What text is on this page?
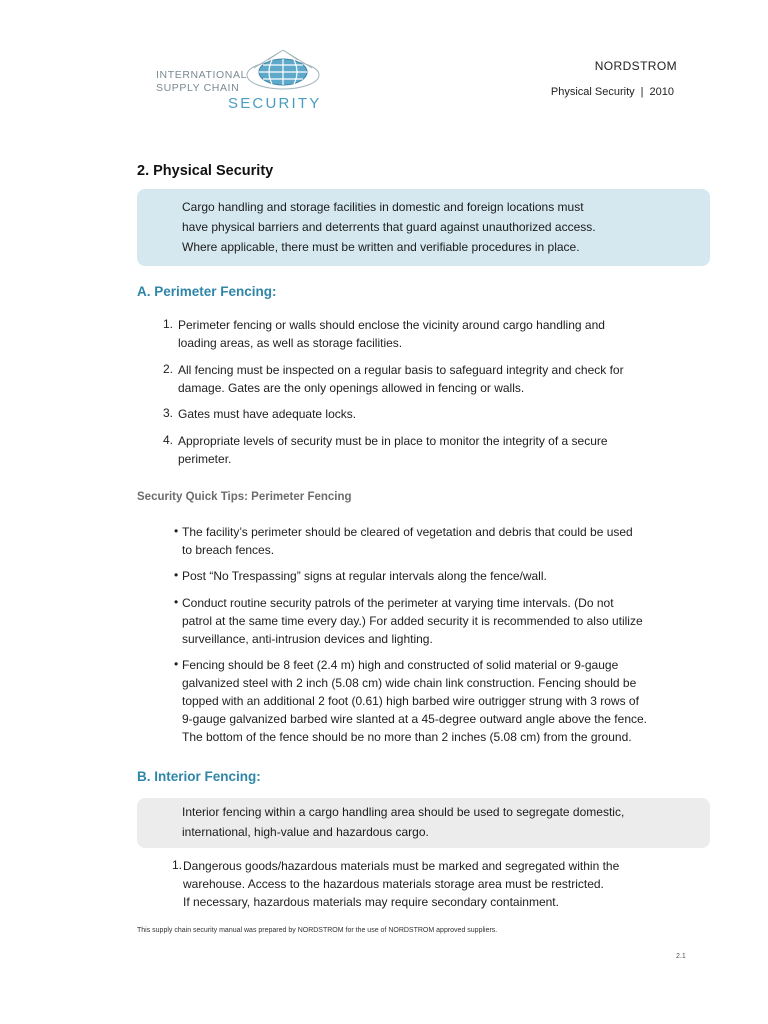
INTERNATIONAL
SUPPLY CHAIN
SECURITY
NORDSTROM
Physical Security | 2010
2. Physical Security
Cargo handling and storage facilities in domestic and foreign locations must
have physical barriers and deterrents that guard against unauthorized access.
Where applicable, there must be written and verifiable procedures in place.
A. Perimeter Fencing:
1. Perimeter fencing or walls should enclose the vicinity around cargo handling and
loading areas, as well as storage facilities.
2. All fencing must be inspected on a regular basis to safeguard integrity and check for
damage. Gates are the only openings allowed in fencing or walls.
3. Gates must have adequate locks.
4. Appropriate levels of security must be in place to monitor the integrity of a secure
perimeter.
Security Quick Tips: Perimeter Fencing
• The facility’s perimeter should be cleared of vegetation and debris that could be used
to breach fences.
• Post “No Trespassing” signs at regular intervals along the fence/wall.
• Conduct routine security patrols of the perimeter at varying time intervals. (Do not
patrol at the same time every day.) For added security it is recommended to also utilize
surveillance, anti-intrusion devices and lighting.
• Fencing should be 8 feet (2.4 m) high and constructed of solid material or 9-gauge
galvanized steel with 2 inch (5.08 cm) wide chain link construction. Fencing should be
topped with an additional 2 foot (0.61) high barbed wire outrigger strung with 3 rows of
9-gauge galvanized barbed wire slanted at a 45-degree outward angle above the fence.
The bottom of the fence should be no more than 2 inches (5.08 cm) from the ground.
B. Interior Fencing:
Interior fencing within a cargo handling area should be used to segregate domestic,
international, high-value and hazardous cargo.
1. Dangerous goods/hazardous materials must be marked and segregated within the
warehouse. Access to the hazardous materials storage area must be restricted.
If necessary, hazardous materials may require secondary containment.
This supply chain security manual was prepared by NORDSTROM for the use of NORDSTROM approved suppliers.
2.1
